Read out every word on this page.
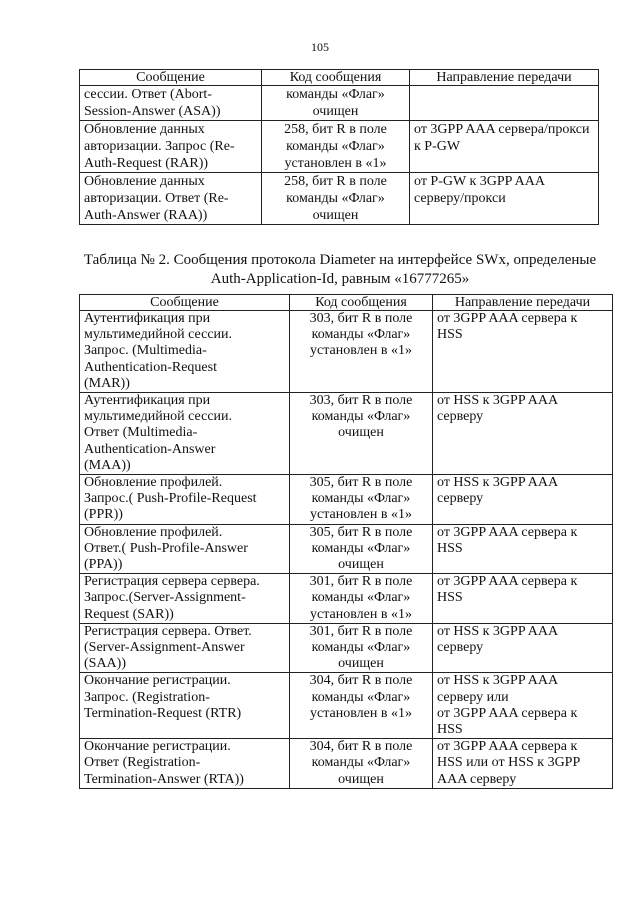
105
Сообщение	Код сообщения	Направление передачи

сессии. Ответ (Abort-
Session-Answer (ASA))	команды «Флаг»
очищен	

Обновление данных
авторизации. Запрос (Re-
Auth-Request (RAR))	258, бит R в поле
команды «Флаг»
установлен в «1»	от 3GPP AAA сервера/прокси
к P-GW

Обновление данных
авторизации. Ответ (Re-
Auth-Answer (RAA))	258, бит R в поле
команды «Флаг»
очищен	от P-GW к 3GPP AAA
серверу/прокси
Таблица № 2. Сообщения протокола Diameter на интерфейсе SWx, определеные
Auth-Application-Id, равным «16777265»
Сообщение	Код сообщения	Направление передачи

Аутентификация при
мультимедийной сессии.
Запрос. (Multimedia-
Authentication-Request
(MAR))	303, бит R в поле
команды «Флаг»
установлен в «1»	от 3GPP AAA сервера к
HSS

Аутентификация при
мультимедийной сессии.
Ответ (Multimedia-
Authentication-Answer
(MAA))	303, бит R в поле
команды «Флаг»
очищен	от HSS к 3GPP AAA
серверу

Обновление профилей.
Запрос.( Push-Profile-Request
(PPR))	305, бит R в поле
команды «Флаг»
установлен в «1»	от HSS к 3GPP AAA
серверу

Обновление профилей.
Ответ.( Push-Profile-Answer
(PPA))	305, бит R в поле
команды «Флаг»
очищен	от 3GPP AAA сервера к
HSS

Регистрация сервера сервера.
Запрос.(Server-Assignment-
Request (SAR))	301, бит R в поле
команды «Флаг»
установлен в «1»	от 3GPP AAA сервера к
HSS

Регистрация сервера. Ответ.
(Server-Assignment-Answer
(SAA))	301, бит R в поле
команды «Флаг»
очищен	от HSS к 3GPP AAA
серверу

Окончание регистрации.
Запрос. (Registration-
Termination-Request (RTR)	304, бит R в поле
команды «Флаг»
установлен в «1»	от HSS к 3GPP AAA
серверу или
от 3GPP AAA сервера к
HSS

Окончание регистрации.
Ответ (Registration-
Termination-Answer (RTA))	304, бит R в поле
команды «Флаг»
очищен	от 3GPP AAA сервера к
HSS или от HSS к 3GPP
AAA серверу
